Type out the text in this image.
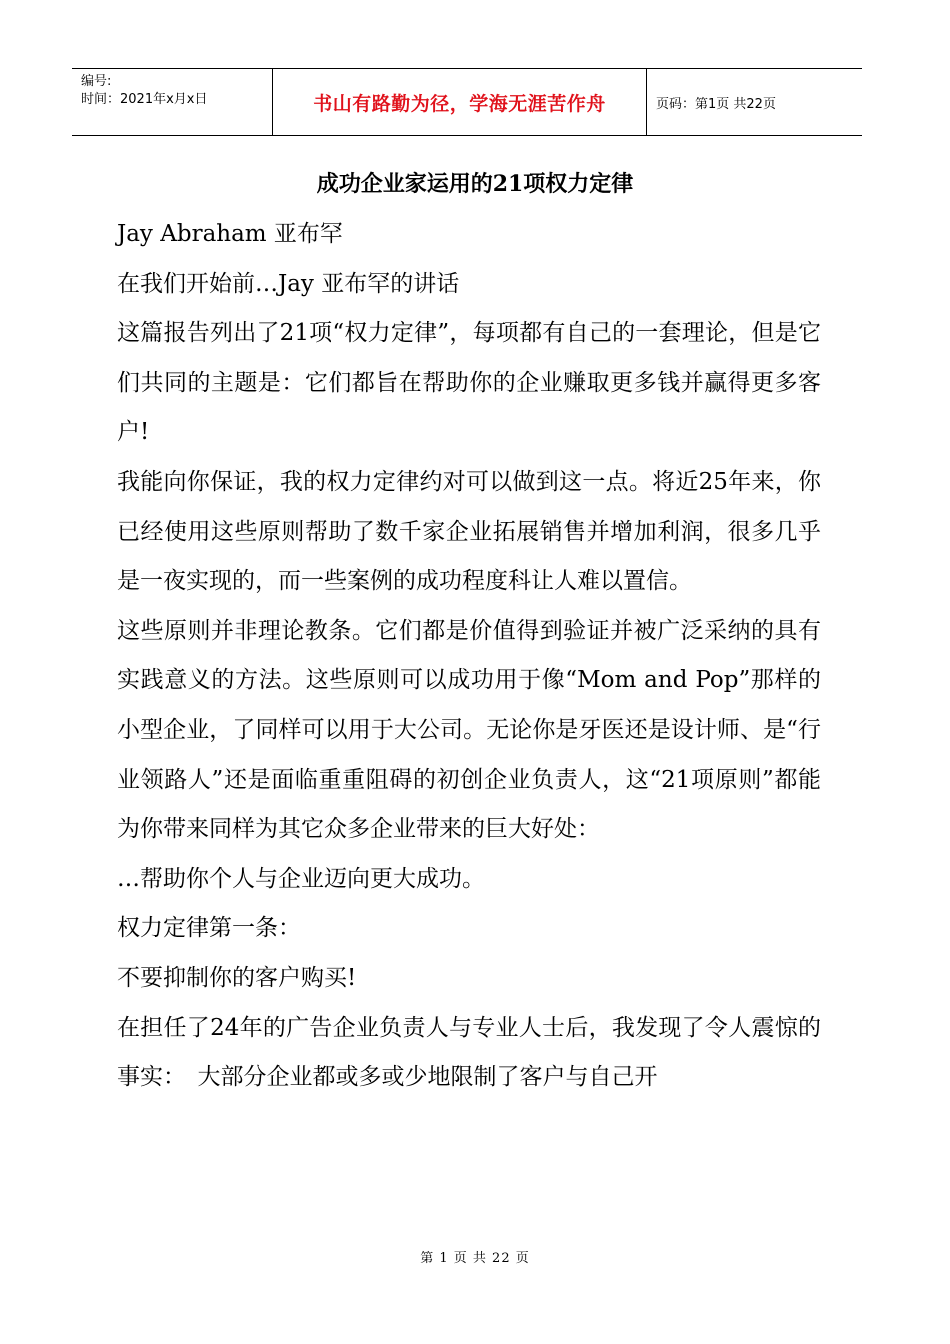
编号:
时间：2021年x月x日	书山有路勤为径，学海无涯苦作舟	页码：第1页 共22页
成功企业家运用的21项权力定律

Jay Abraham 亚布罕

在我们开始前…Jay 亚布罕的讲话

这篇报告列出了21项“权力定律”，每项都有自己的一套理论，但是它们共同的主题是：它们都旨在帮助你的企业赚取更多钱并赢得更多客户!

我能向你保证，我的权力定律约对可以做到这一点。将近25年来，你已经使用这些原则帮助了数千家企业拓展销售并增加利润，很多几乎是一夜实现的，而一些案例的成功程度科让人难以置信。

这些原则并非理论教条。它们都是价值得到验证并被广泛采纳的具有实践意义的方法。这些原则可以成功用于像“Mom and Pop”那样的小型企业，了同样可以用于大公司。无论你是牙医还是设计师、是“行业领路人”还是面临重重阻碍的初创企业负责人，这“21项原则”都能为你带来同样为其它众多企业带来的巨大好处：

…帮助你个人与企业迈向更大成功。

权力定律第一条：

不要抑制你的客户购买!

在担任了24年的广告企业负责人与专业人士后，我发现了令人震惊的事实：　大部分企业都或多或少地限制了客户与自己开

第 1 页 共 22 页
